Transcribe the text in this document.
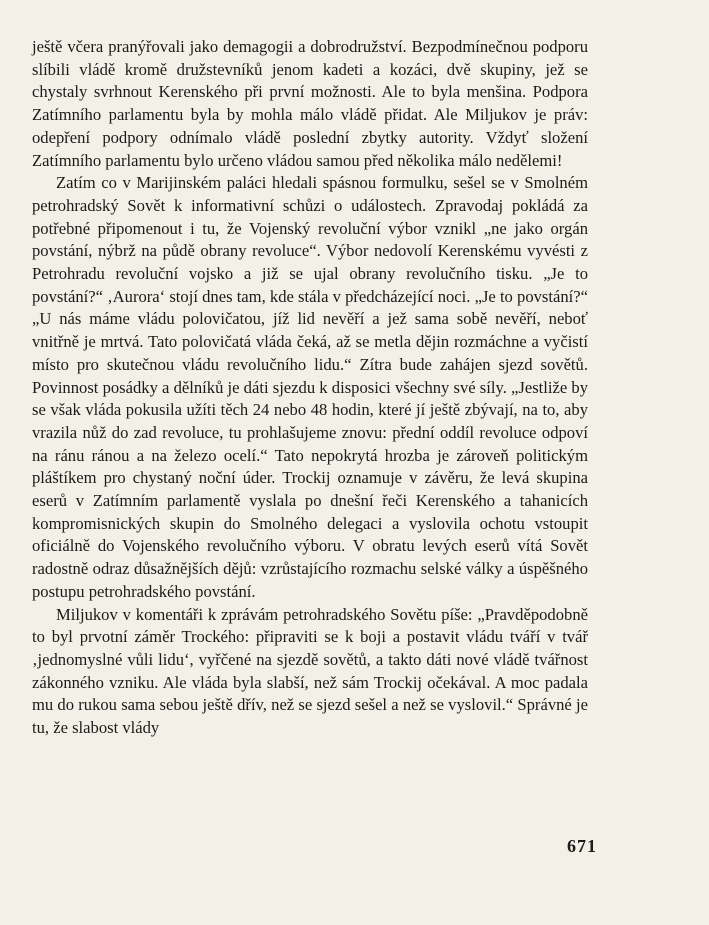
ještě včera pranýřovali jako demagogii a dobrodružství. Bezpodmínečnou podporu slíbili vládě kromě družstevníků jenom kadeti a kozáci, dvě skupiny, jež se chystaly svrhnout Kerenského při první možnosti. Ale to byla menšina. Podpora Zatímního parlamentu byla by mohla málo vládě přidat. Ale Miljukov je práv: odepření podpory odnímalo vládě poslední zbytky autority. Vždyť složení Zatímního parlamentu bylo určeno vládou samou před několika málo nedělemi!

Zatím co v Marijinském paláci hledali spásnou formulku, sešel se v Smolném petrohradský Sovět k informativní schůzi o událostech. Zpravodaj pokládá za potřebné připomenout i tu, že Vojenský revoluční výbor vznikl „ne jako orgán povstání, nýbrž na půdě obrany revoluce“. Výbor nedovolí Kerenskému vyvésti z Petrohradu revoluční vojsko a již se ujal obrany revolučního tisku. „Je to povstání?“ ‚Aurora‘ stojí dnes tam, kde stála v předcházející noci. „Je to povstání?“ „U nás máme vládu polovičatou, jíž lid nevěří a jež sama sobě nevěří, neboť vnitřně je mrtvá. Tato polovičatá vláda čeká, až se metla dějin rozmáchne a vyčistí místo pro skutečnou vládu revolučního lidu.“ Zítra bude zahájen sjezd sovětů. Povinnost posádky a dělníků je dáti sjezdu k disposici všechny své síly. „Jestliže by se však vláda pokusila užíti těch 24 nebo 48 hodin, které jí ještě zbývají, na to, aby vrazila nůž do zad revoluce, tu prohlašujeme znovu: přední oddíl revoluce odpoví na ránu ránou a na železo ocelí.“ Tato nepokrytá hrozba je zároveň politickým pláštíkem pro chystaný noční úder. Trockij oznamuje v závěru, že levá skupina eserů v Zatímním parlamentě vyslala po dnešní řeči Kerenského a tahanicích kompromisnických skupin do Smolného delegaci a vyslovila ochotu vstoupit oficiálně do Vojenského revolučního výboru. V obratu levých eserů vítá Sovět radostně odraz důsažnějších dějů: vzrůstajícího rozmachu selské války a úspěšného postupu petrohradského povstání.

Miljukov v komentáři k zprávám petrohradského Sovětu píše: „Pravděpodobně to byl prvotní záměr Trockého: připraviti se k boji a postavit vládu tváří v tvář ‚jednomyslné vůli lidu‘, vyřčené na sjezdě sovětů, a takto dáti nové vládě tvářnost zákonného vzniku. Ale vláda byla slabší, než sám Trockij očekával. A moc padala mu do rukou sama sebou ještě dřív, než se sjezd sešel a než se vyslovil.“ Správné je tu, že slabost vlády

671
